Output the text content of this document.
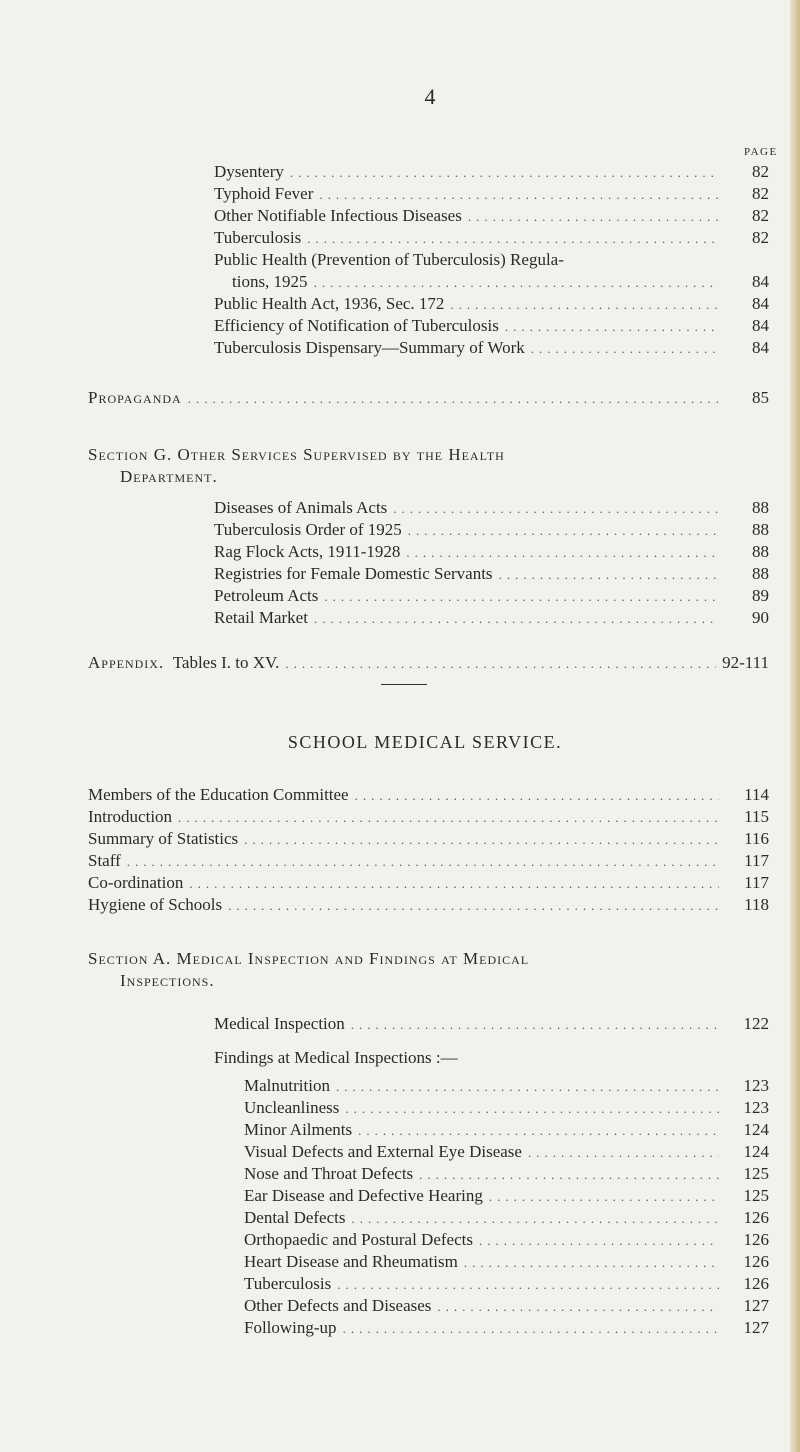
4
PAGE
Dysentery .....	82
Typhoid Fever .....	82
Other Notifiable Infectious Diseases .....	82
Tuberculosis .....	82
Public Health (Prevention of Tuberculosis) Regula-
tions, 1925 .....	84
Public Health Act, 1936, Sec. 172 .....	84
Efficiency of Notification of Tuberculosis .....	84
Tuberculosis Dispensary—Summary of Work .....	84
Propaganda .....	85
Section G. Other Services Supervised by the Health
Department.
Diseases of Animals Acts .....	88
Tuberculosis Order of 1925 .....	88
Rag Flock Acts, 1911-1928 .....	88
Registries for Female Domestic Servants .....	88
Petroleum Acts .....	89
Retail Market .....	90
Appendix. Tables I. to XV. .....	92-111
SCHOOL MEDICAL SERVICE.
Members of the Education Committee .....	114
Introduction .....	115
Summary of Statistics .....	116
Staff .....	117
Co-ordination .....	117
Hygiene of Schools .....	118
Section A. Medical Inspection and Findings at Medical
Inspections.
Medical Inspection .....	122
Findings at Medical Inspections :—
Malnutrition .....	123
Uncleanliness .....	123
Minor Ailments .....	124
Visual Defects and External Eye Disease .....	124
Nose and Throat Defects .....	125
Ear Disease and Defective Hearing .....	125
Dental Defects .....	126
Orthopaedic and Postural Defects .....	126
Heart Disease and Rheumatism .....	126
Tuberculosis .....	126
Other Defects and Diseases .....	127
Following-up .....	127
